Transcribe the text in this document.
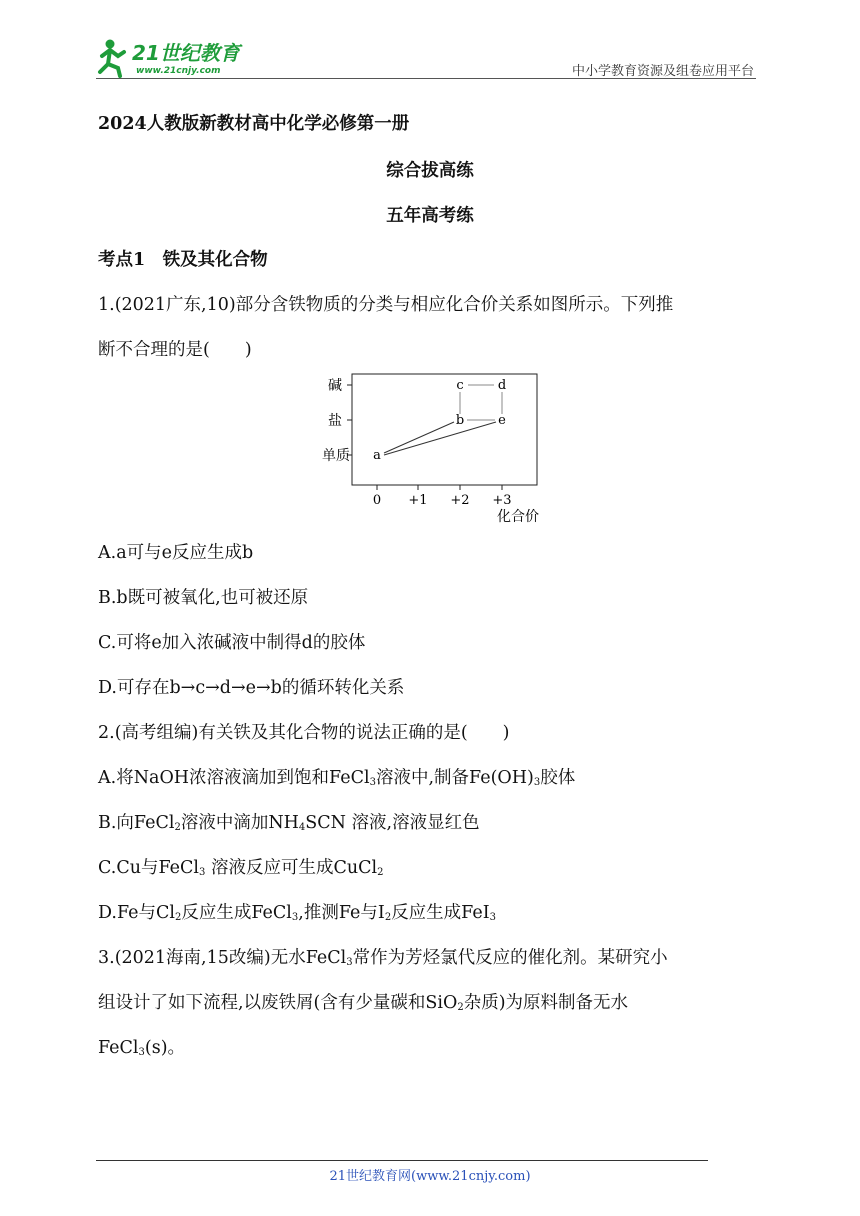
21世纪教育
www.21cnjy.com	中小学教育资源及组卷应用平台
2024人教版新教材高中化学必修第一册
综合拔高练
五年高考练
考点1　铁及其化合物
1.(2021广东,10)部分含铁物质的分类与相应化合价关系如图所示。下列推
断不合理的是(　　)
碱
盐
单质
0 +1 +2 +3
化合价
a
b
c	d
e
A.a可与e反应生成b
B.b既可被氧化,也可被还原
C.可将e加入浓碱液中制得d的胶体
D.可存在b→c→d→e→b的循环转化关系
2.(高考组编)有关铁及其化合物的说法正确的是(　　)
A.将NaOH浓溶液滴加到饱和FeCl$_3$溶液中,制备$Fe(OH)_3$胶体
B.向FeCl$_2$溶液中滴加$NH_4SCN$ 溶液,溶液显红色
C.Cu与FeCl$_3$ 溶液反应可生成CuCl$_2$
D.Fe与$Cl_2$反应生成FeCl$_3$,推测Fe与$I_2$反应生成FeI$_3$
3.(2021海南,15改编)无水FeCl$_3$常作为芳烃氯代反应的催化剂。某研究小
组设计了如下流程,以废铁屑(含有少量碳和SiO$_2$杂质)为原料制备无水
FeCl$_3$(s)。
21世纪教育网(www.21cnjy.com)
